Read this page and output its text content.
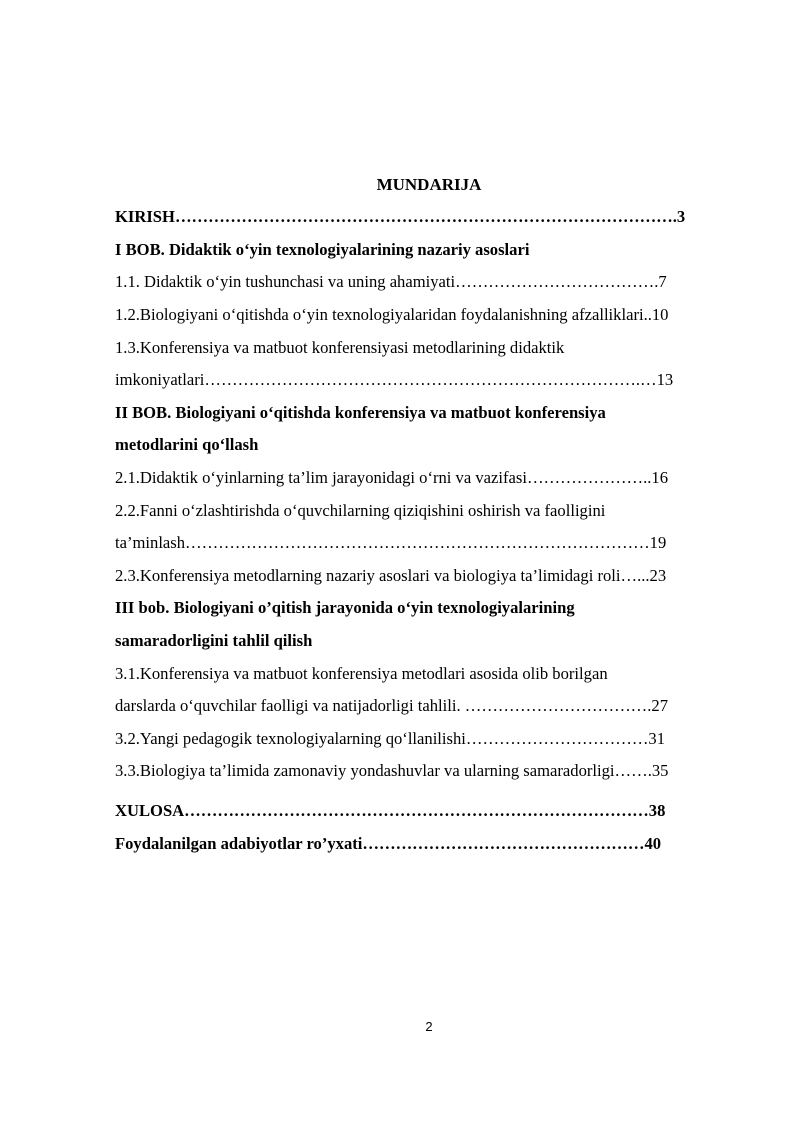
MUNDARIJA
KIRISH……………………………………………………………………………….3
I BOB. Didaktik o‘yin texnologiyalarining nazariy asoslari
1.1. Didaktik o‘yin tushunchasi va uning ahamiyati……………………………….7
1.2.Biologiyani o‘qitishda o‘yin texnologiyalaridan foydalanishning afzalliklari..10
1.3.Konferensiya va matbuot konferensiyasi metodlarining didaktik
imkoniyatlari…………………………………………………………………….…13
II BOB. Biologiyani o‘qitishda konferensiya va matbuot konferensiya
metodlarini qo‘llash
2.1.Didaktik o‘yinlarning ta’lim jarayonidagi o‘rni va vazifasi…………………..16
2.2.Fanni o‘zlashtirishda o‘quvchilarning qiziqishini oshirish va faolligini
ta’minlash…………………………………………………………………………19
2.3.Konferensiya metodlarning nazariy asoslari va biologiya ta’limidagi roli…...23
III bob. Biologiyani o’qitish jarayonida o‘yin texnologiyalarining
samaradorligini tahlil qilish
3.1.Konferensiya va matbuot konferensiya metodlari asosida olib borilgan
darslarda o‘quvchilar faolligi va natijadorligi tahlili. …………………………….27
3.2.Yangi pedagogik texnologiyalarning qo‘llanilishi……………………………31
3.3.Biologiya ta’limida zamonaviy yondashuvlar va ularning samaradorligi…….35
XULOSA…………………………………………………………………………38
Foydalanilgan adabiyotlar ro’yxati……………………………………………40
2
